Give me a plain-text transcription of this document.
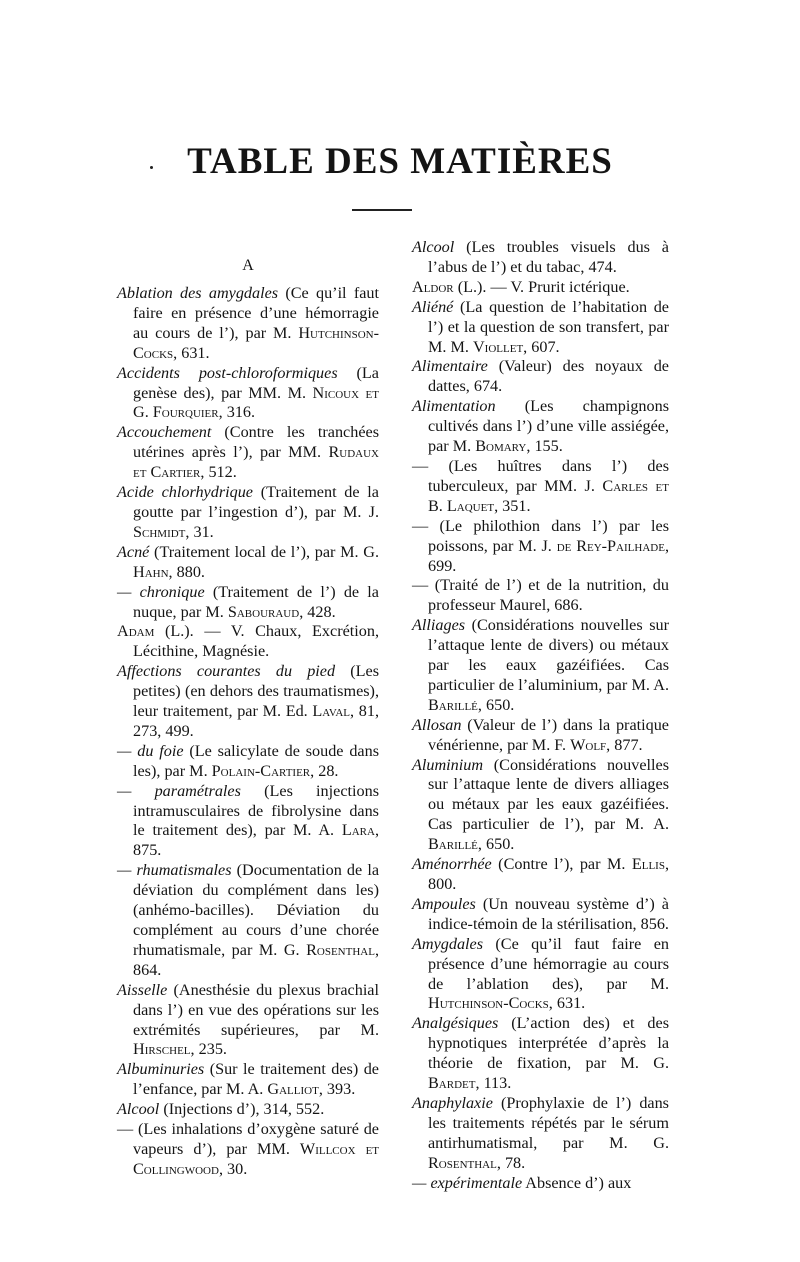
TABLE DES MATIÈRES

A

Ablation des amygdales (Ce qu’il faut faire en présence d’une hémorragie au cours de l’), par M. Hutchinson-Cocks, 631.

Accidents post-chloroformiques (La genèse des), par MM. M. Nicoux et G. Fourquier, 316.

Accouchement (Contre les tranchées utérines après l’), par MM. Rudaux et Cartier, 512.

Acide chlorhydrique (Traitement de la goutte par l’ingestion d’), par M. J. Schmidt, 31.

Acné (Traitement local de l’), par M. G. Hahn, 880.

— chronique (Traitement de l’) de la nuque, par M. Sabouraud, 428.

Adam (L.). — V. Chaux, Excrétion, Lécithine, Magnésie.

Affections courantes du pied (Les petites) (en dehors des traumatismes), leur traitement, par M. Ed. Laval, 81, 273, 499.

— du foie (Le salicylate de soude dans les), par M. Polain-Cartier, 28.

— paramétrales (Les injections intramusculaires de fibrolysine dans le traitement des), par M. A. Lara, 875.

— rhumatismales (Documentation de la déviation du complément dans les) (anhémo-bacilles). Déviation du complément au cours d’une chorée rhumatismale, par M. G. Rosenthal, 864.

Aisselle (Anesthésie du plexus brachial dans l’) en vue des opérations sur les extrémités supérieures, par M. Hirschel, 235.

Albuminuries (Sur le traitement des) de l’enfance, par M. A. Galliot, 393.

Alcool (Injections d’), 314, 552.

— (Les inhalations d’oxygène saturé de vapeurs d’), par MM. Willcox et Collingwood, 30.

Alcool (Les troubles visuels dus à l’abus de l’) et du tabac, 474.

Aldor (L.). — V. Prurit ictérique.

Aliéné (La question de l’habitation de l’) et la question de son transfert, par M. M. Viollet, 607.

Alimentaire (Valeur) des noyaux de dattes, 674.

Alimentation (Les champignons cultivés dans l’) d’une ville assiégée, par M. Bomary, 155.

— (Les huîtres dans l’) des tuberculeux, par MM. J. Carles et B. Laquet, 351.

— (Le philothion dans l’) par les poissons, par M. J. de Rey-Pailhade, 699.

— (Traité de l’) et de la nutrition, du professeur Maurel, 686.

Alliages (Considérations nouvelles sur l’attaque lente de divers) ou métaux par les eaux gazéifiées. Cas particulier de l’aluminium, par M. A. Barillé, 650.

Allosan (Valeur de l’) dans la pratique vénérienne, par M. F. Wolf, 877.

Aluminium (Considérations nouvelles sur l’attaque lente de divers alliages ou métaux par les eaux gazéifiées. Cas particulier de l’), par M. A. Barillé, 650.

Aménorrhée (Contre l’), par M. Ellis, 800.

Ampoules (Un nouveau système d’) à indice-témoin de la stérilisation, 856.

Amygdales (Ce qu’il faut faire en présence d’une hémorragie au cours de l’ablation des), par M. Hutchinson-Cocks, 631.

Analgésiques (L’action des) et des hypnotiques interprétée d’après la théorie de fixation, par M. G. Bardet, 113.

Anaphylaxie (Prophylaxie de l’) dans les traitements répétés par le sérum antirhumatismal, par M. G. Rosenthal, 78.

— expérimentale Absence d’) aux
